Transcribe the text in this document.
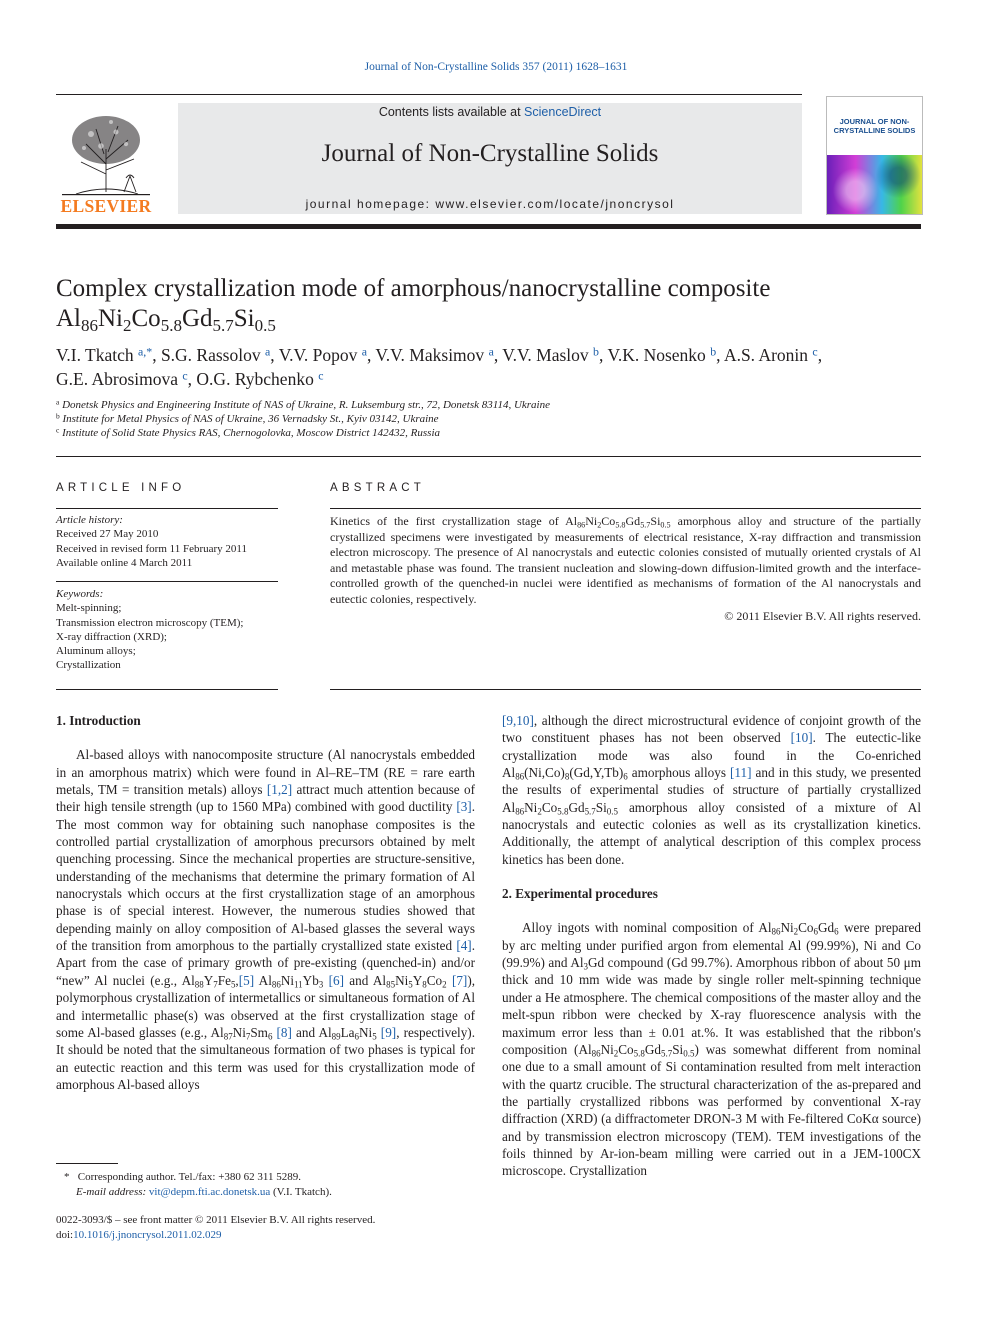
Journal of Non-Crystalline Solids 357 (2011) 1628–1631
Contents lists available at ScienceDirect
Journal of Non-Crystalline Solids
journal homepage: www.elsevier.com/locate/jnoncrysol
ELSEVIER
JOURNAL OF NON-CRYSTALLINE SOLIDS
Complex crystallization mode of amorphous/nanocrystalline composite
$Al_{86}Ni_2Co_{5.8}Gd_{5.7}Si_{0.5}$
V.I. Tkatch $^{a,*}$, S.G. Rassolov $^a$, V.V. Popov $^a$, V.V. Maksimov $^a$, V.V. Maslov $^b$, V.K. Nosenko $^b$, A.S. Aronin $^c$,
G.E. Abrosimova $^c$, O.G. Rybchenko $^c$
$^a$ Donetsk Physics and Engineering Institute of NAS of Ukraine, R. Luksemburg str., 72, Donetsk 83114, Ukraine
$^b$ Institute for Metal Physics of NAS of Ukraine, 36 Vernadsky St., Kyiv 03142, Ukraine
$^c$ Institute of Solid State Physics RAS, Chernogolovka, Moscow District 142432, Russia
ARTICLE INFO
Article history:
Received 27 May 2010
Received in revised form 11 February 2011
Available online 4 March 2011
Keywords:
Melt-spinning;
Transmission electron microscopy (TEM);
X-ray diffraction (XRD);
Aluminum alloys;
Crystallization
ABSTRACT
Kinetics of the first crystallization stage of $Al_{86}Ni_2Co_{5.8}Gd_{5.7}Si_{0.5}$ amorphous alloy and structure of the partially crystallized specimens were investigated by measurements of electrical resistance, X-ray diffraction and transmission electron microscopy. The presence of Al nanocrystals and eutectic colonies consisted of mutually oriented crystals of Al and metastable phase was found. The transient nucleation and slowing-down diffusion-limited growth and the interface-controlled growth of the quenched-in nuclei were identified as mechanisms of formation of the Al nanocrystals and eutectic colonies, respectively.
© 2011 Elsevier B.V. All rights reserved.
1. Introduction

Al-based alloys with nanocomposite structure (Al nanocrystals embedded in an amorphous matrix) which were found in Al–RE–TM (RE = rare earth metals, TM = transition metals) alloys [1,2] attract much attention because of their high tensile strength (up to 1560 MPa) combined with good ductility [3]. The most common way for obtaining such nanophase composites is the controlled partial crystallization of amorphous precursors obtained by melt quenching processing. Since the mechanical properties are structure-sensitive, understanding of the mechanisms that determine the primary formation of Al nanocrystals which occurs at the first crystallization stage of an amorphous phase is of special interest. However, the numerous studies showed that depending mainly on alloy composition of Al-based glasses the several ways of the transition from amorphous to the partially crystallized state existed [4]. Apart from the case of primary growth of pre-existing (quenched-in) and/or “new” Al nuclei (e.g., $Al_{88}Y_7Fe_5,[5]$ $Al_{86}Ni_{11}Yb_3$ [6] and $Al_{85}Ni_5Y_8Co_2$ [7]), polymorphous crystallization of intermetallics or simultaneous formation of Al and intermetallic phase(s) was observed at the first crystallization stage of some Al-based glasses (e.g., $Al_{87}Ni_7Sm_6$ [8] and $Al_{89}La_6Ni_5$ [9], respectively). It should be noted that the simultaneous formation of two phases is typical for an eutectic reaction and this term was used for this crystallization mode of amorphous Al-based alloys

[9,10], although the direct microstructural evidence of conjoint growth of the two constituent phases has not been observed [10]. The eutectic-like crystallization mode was also found in the Co-enriched $Al_{86}(Ni,Co)_8(Gd,Y,Tb)_6$ amorphous alloys [11] and in this study, we presented the results of experimental studies of structure of partially crystallized $Al_{86}Ni_2Co_{5.8}Gd_{5.7}Si_{0.5}$ amorphous alloy consisted of a mixture of Al nanocrystals and eutectic colonies as well as its crystallization kinetics. Additionally, the attempt of analytical description of this complex process kinetics has been done.

2. Experimental procedures

Alloy ingots with nominal composition of $Al_{86}Ni_2Co_6Gd_6$ were prepared by arc melting under purified argon from elemental Al (99.99%), Ni and Co (99.9%) and $Al_3Gd$ compound (Gd 99.7%). Amorphous ribbon of about 50 μm thick and 10 mm wide was made by single roller melt-spinning technique under a He atmosphere. The chemical compositions of the master alloy and the melt-spun ribbon were checked by X-ray fluorescence analysis with the maximum error less than ± 0.01 at.%. It was established that the ribbon's composition $(Al_{86}Ni_2Co_{5.8}Gd_{5.7}Si_{0.5})$ was somewhat different from nominal one due to a small amount of Si contamination resulted from melt interaction with the quartz crucible. The structural characterization of the as-prepared and the partially crystallized ribbons was performed by conventional X-ray diffraction (XRD) (a diffractometer DRON-3 M with Fe-filtered CoKα source) and by transmission electron microscopy (TEM). TEM investigations of the foils thinned by Ar-ion-beam milling were carried out in a JEM-100CX microscope. Crystallization

* Corresponding author. Tel./fax: +380 62 311 5289.
E-mail address: vit@depm.fti.ac.donetsk.ua (V.I. Tkatch).
0022-3093/$ – see front matter © 2011 Elsevier B.V. All rights reserved.
doi:10.1016/j.jnoncrysol.2011.02.029
